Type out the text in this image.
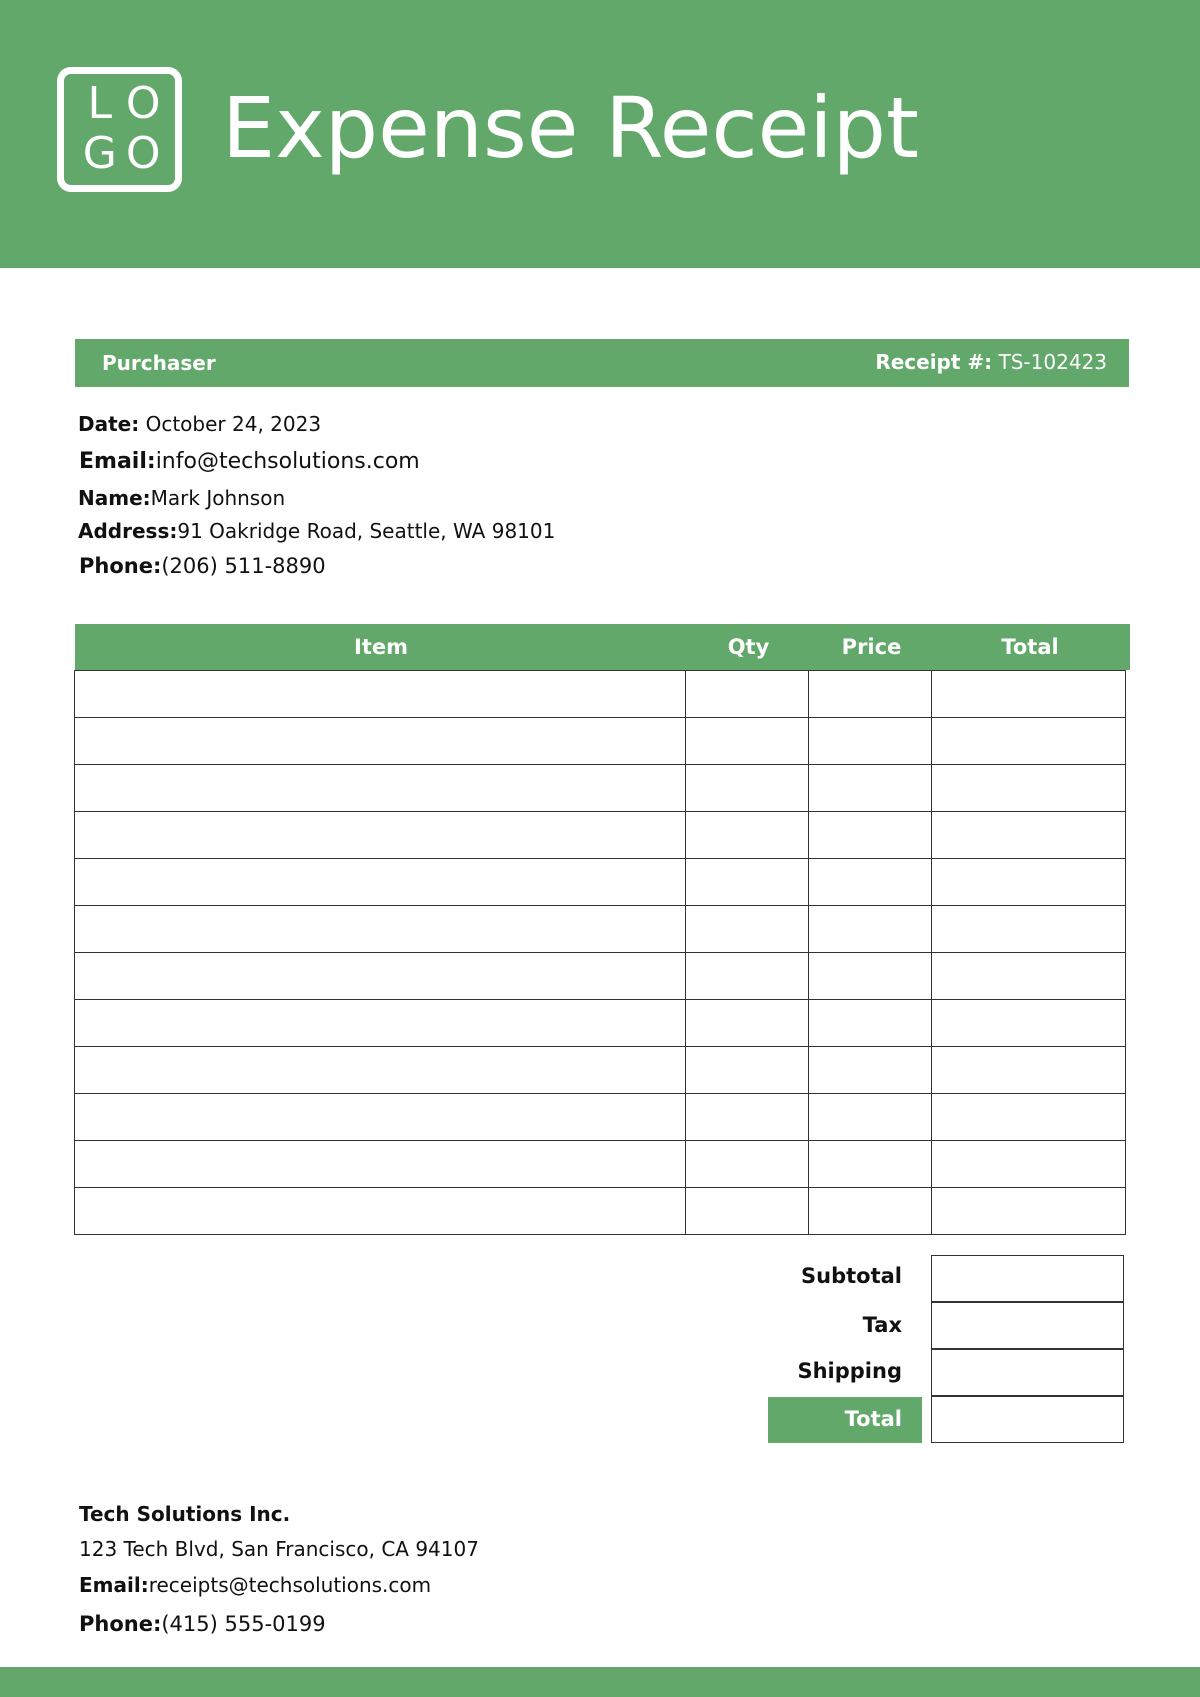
L O
G O Expense Receipt
Purchaser	Receipt #: TS-102423
Date: October 24, 2023
Email:info@techsolutions.com
Name:Mark Johnson
Address:91 Oakridge Road, Seattle, WA 98101
Phone:(206) 511-8890
Item	Qty	Price	Total

Subtotal
Tax
Shipping
Total
Tech Solutions Inc.
123 Tech Blvd, San Francisco, CA 94107
Email:receipts@techsolutions.com
Phone:(415) 555-0199
